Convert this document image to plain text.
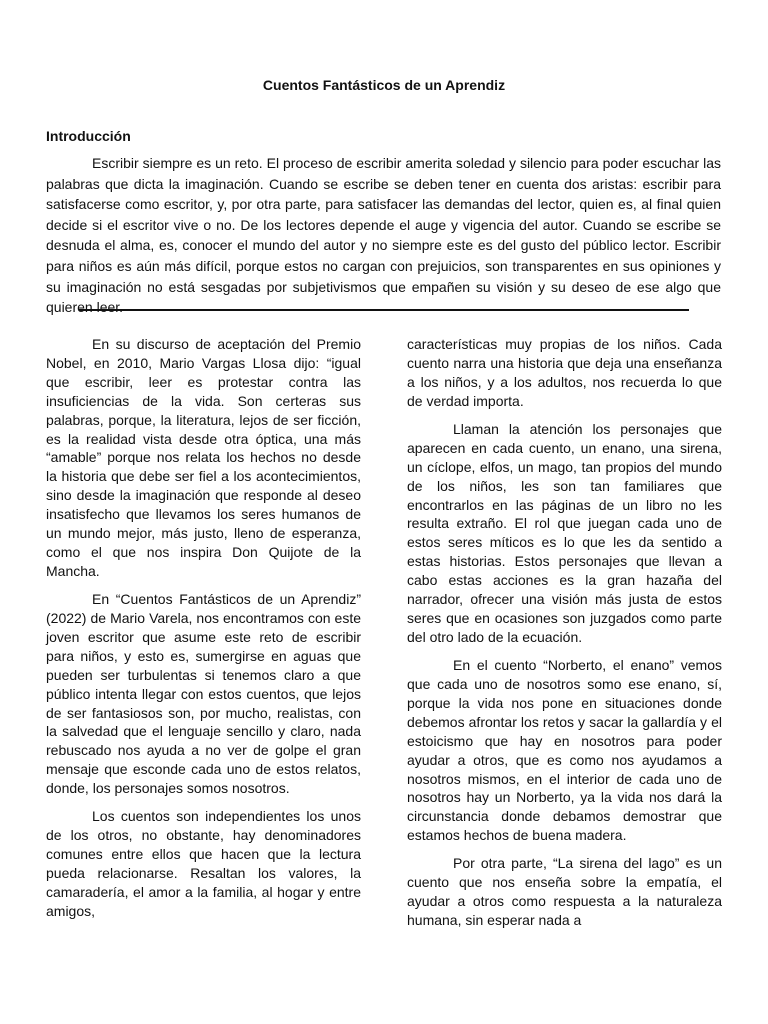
Cuentos Fantásticos de un Aprendiz
Introducción

Escribir siempre es un reto. El proceso de escribir amerita soledad y silencio para poder escuchar las palabras que dicta la imaginación. Cuando se escribe se deben tener en cuenta dos aristas: escribir para satisfacerse como escritor, y, por otra parte, para satisfacer las demandas del lector, quien es, al final quien decide si el escritor vive o no. De los lectores depende el auge y vigencia del autor. Cuando se escribe se desnuda el alma, es, conocer el mundo del autor y no siempre este es del gusto del público lector. Escribir para niños es aún más difícil, porque estos no cargan con prejuicios, son transparentes en sus opiniones y su imaginación no está sesgadas por subjetivismos que empañen su visión y su deseo de ese algo que quieren leer.

En su discurso de aceptación del Premio Nobel, en 2010, Mario Vargas Llosa dijo: “igual que escribir, leer es protestar contra las insuficiencias de la vida. Son certeras sus palabras, porque, la literatura, lejos de ser ficción, es la realidad vista desde otra óptica, una más “amable” porque nos relata los hechos no desde la historia que debe ser fiel a los acontecimientos, sino desde la imaginación que responde al deseo insatisfecho que llevamos los seres humanos de un mundo mejor, más justo, lleno de esperanza, como el que nos inspira Don Quijote de la Mancha.

En “Cuentos Fantásticos de un Aprendiz” (2022) de Mario Varela, nos encontramos con este joven escritor que asume este reto de escribir para niños, y esto es, sumergirse en aguas que pueden ser turbulentas si tenemos claro a que público intenta llegar con estos cuentos, que lejos de ser fantasiosos son, por mucho, realistas, con la salvedad que el lenguaje sencillo y claro, nada rebuscado nos ayuda a no ver de golpe el gran mensaje que esconde cada uno de estos relatos, donde, los personajes somos nosotros.

Los cuentos son independientes los unos de los otros, no obstante, hay denominadores comunes entre ellos que hacen que la lectura pueda relacionarse. Resaltan los valores, la camaradería, el amor a la familia, al hogar y entre amigos,

características muy propias de los niños. Cada cuento narra una historia que deja una enseñanza a los niños, y a los adultos, nos recuerda lo que de verdad importa.

Llaman la atención los personajes que aparecen en cada cuento, un enano, una sirena, un cíclope, elfos, un mago, tan propios del mundo de los niños, les son tan familiares que encontrarlos en las páginas de un libro no les resulta extraño. El rol que juegan cada uno de estos seres míticos es lo que les da sentido a estas historias. Estos personajes que llevan a cabo estas acciones es la gran hazaña del narrador, ofrecer una visión más justa de estos seres que en ocasiones son juzgados como parte del otro lado de la ecuación.

En el cuento “Norberto, el enano” vemos que cada uno de nosotros somo ese enano, sí, porque la vida nos pone en situaciones donde debemos afrontar los retos y sacar la gallardía y el estoicismo que hay en nosotros para poder ayudar a otros, que es como nos ayudamos a nosotros mismos, en el interior de cada uno de nosotros hay un Norberto, ya la vida nos dará la circunstancia donde debamos demostrar que estamos hechos de buena madera.

Por otra parte, “La sirena del lago” es un cuento que nos enseña sobre la empatía, el ayudar a otros como respuesta a la naturaleza humana, sin esperar nada a
